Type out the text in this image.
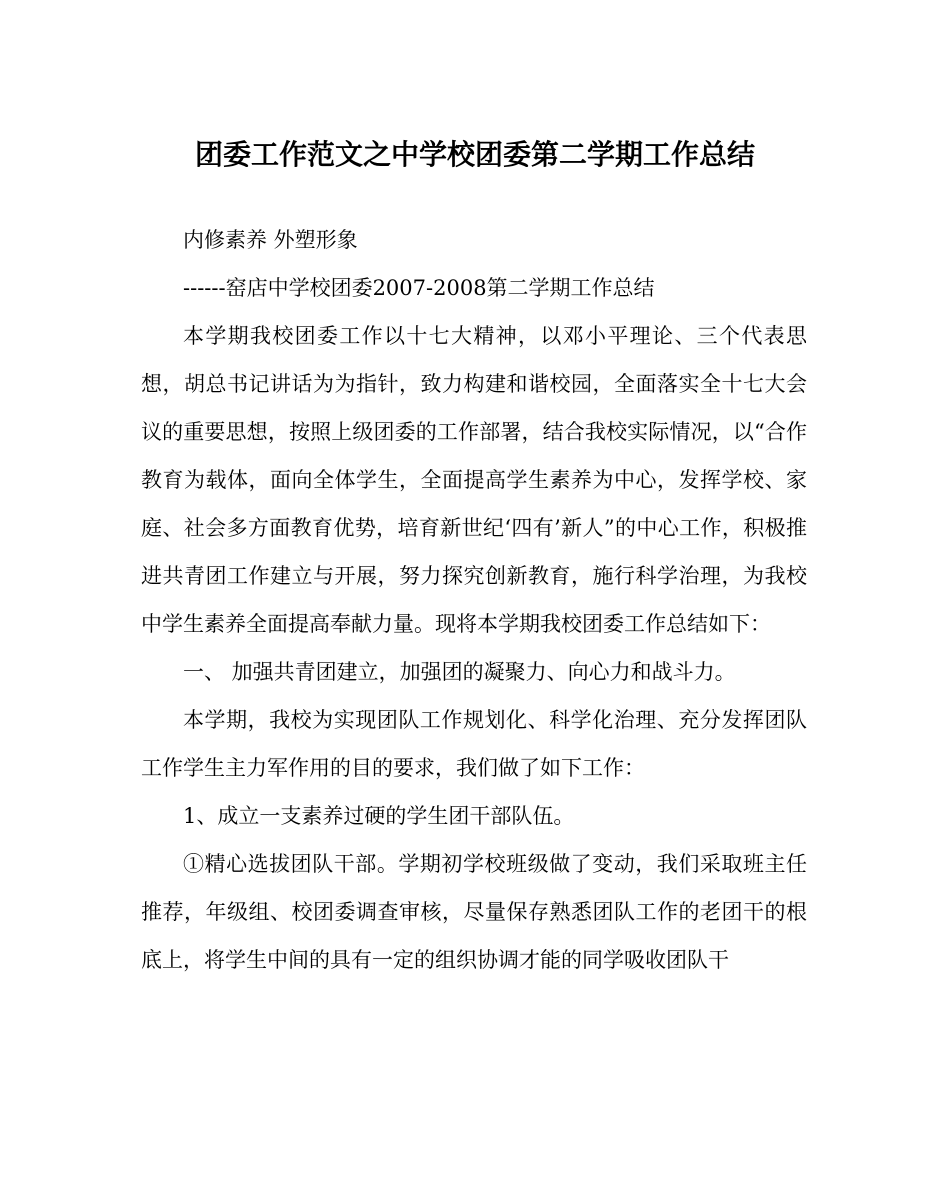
团委工作范文之中学校团委第二学期工作总结

内修素养 外塑形象

------窑店中学校团委2007-2008第二学期工作总结

本学期我校团委工作以十七大精神，以邓小平理论、三个代表思想，胡总书记讲话为为指针，致力构建和谐校园，全面落实全十七大会议的重要思想，按照上级团委的工作部署，结合我校实际情况，以“合作教育为载体，面向全体学生，全面提高学生素养为中心，发挥学校、家庭、社会多方面教育优势，培育新世纪‘四有’新人”的中心工作，积极推进共青团工作建立与开展，努力探究创新教育，施行科学治理，为我校中学生素养全面提高奉献力量。现将本学期我校团委工作总结如下：

一、 加强共青团建立，加强团的凝聚力、向心力和战斗力。

本学期，我校为实现团队工作规划化、科学化治理、充分发挥团队工作学生主力军作用的目的要求，我们做了如下工作：

1、成立一支素养过硬的学生团干部队伍。

①精心选拔团队干部。学期初学校班级做了变动，我们采取班主任推荐，年级组、校团委调查审核，尽量保存熟悉团队工作的老团干的根底上，将学生中间的具有一定的组织协调才能的同学吸收团队干
